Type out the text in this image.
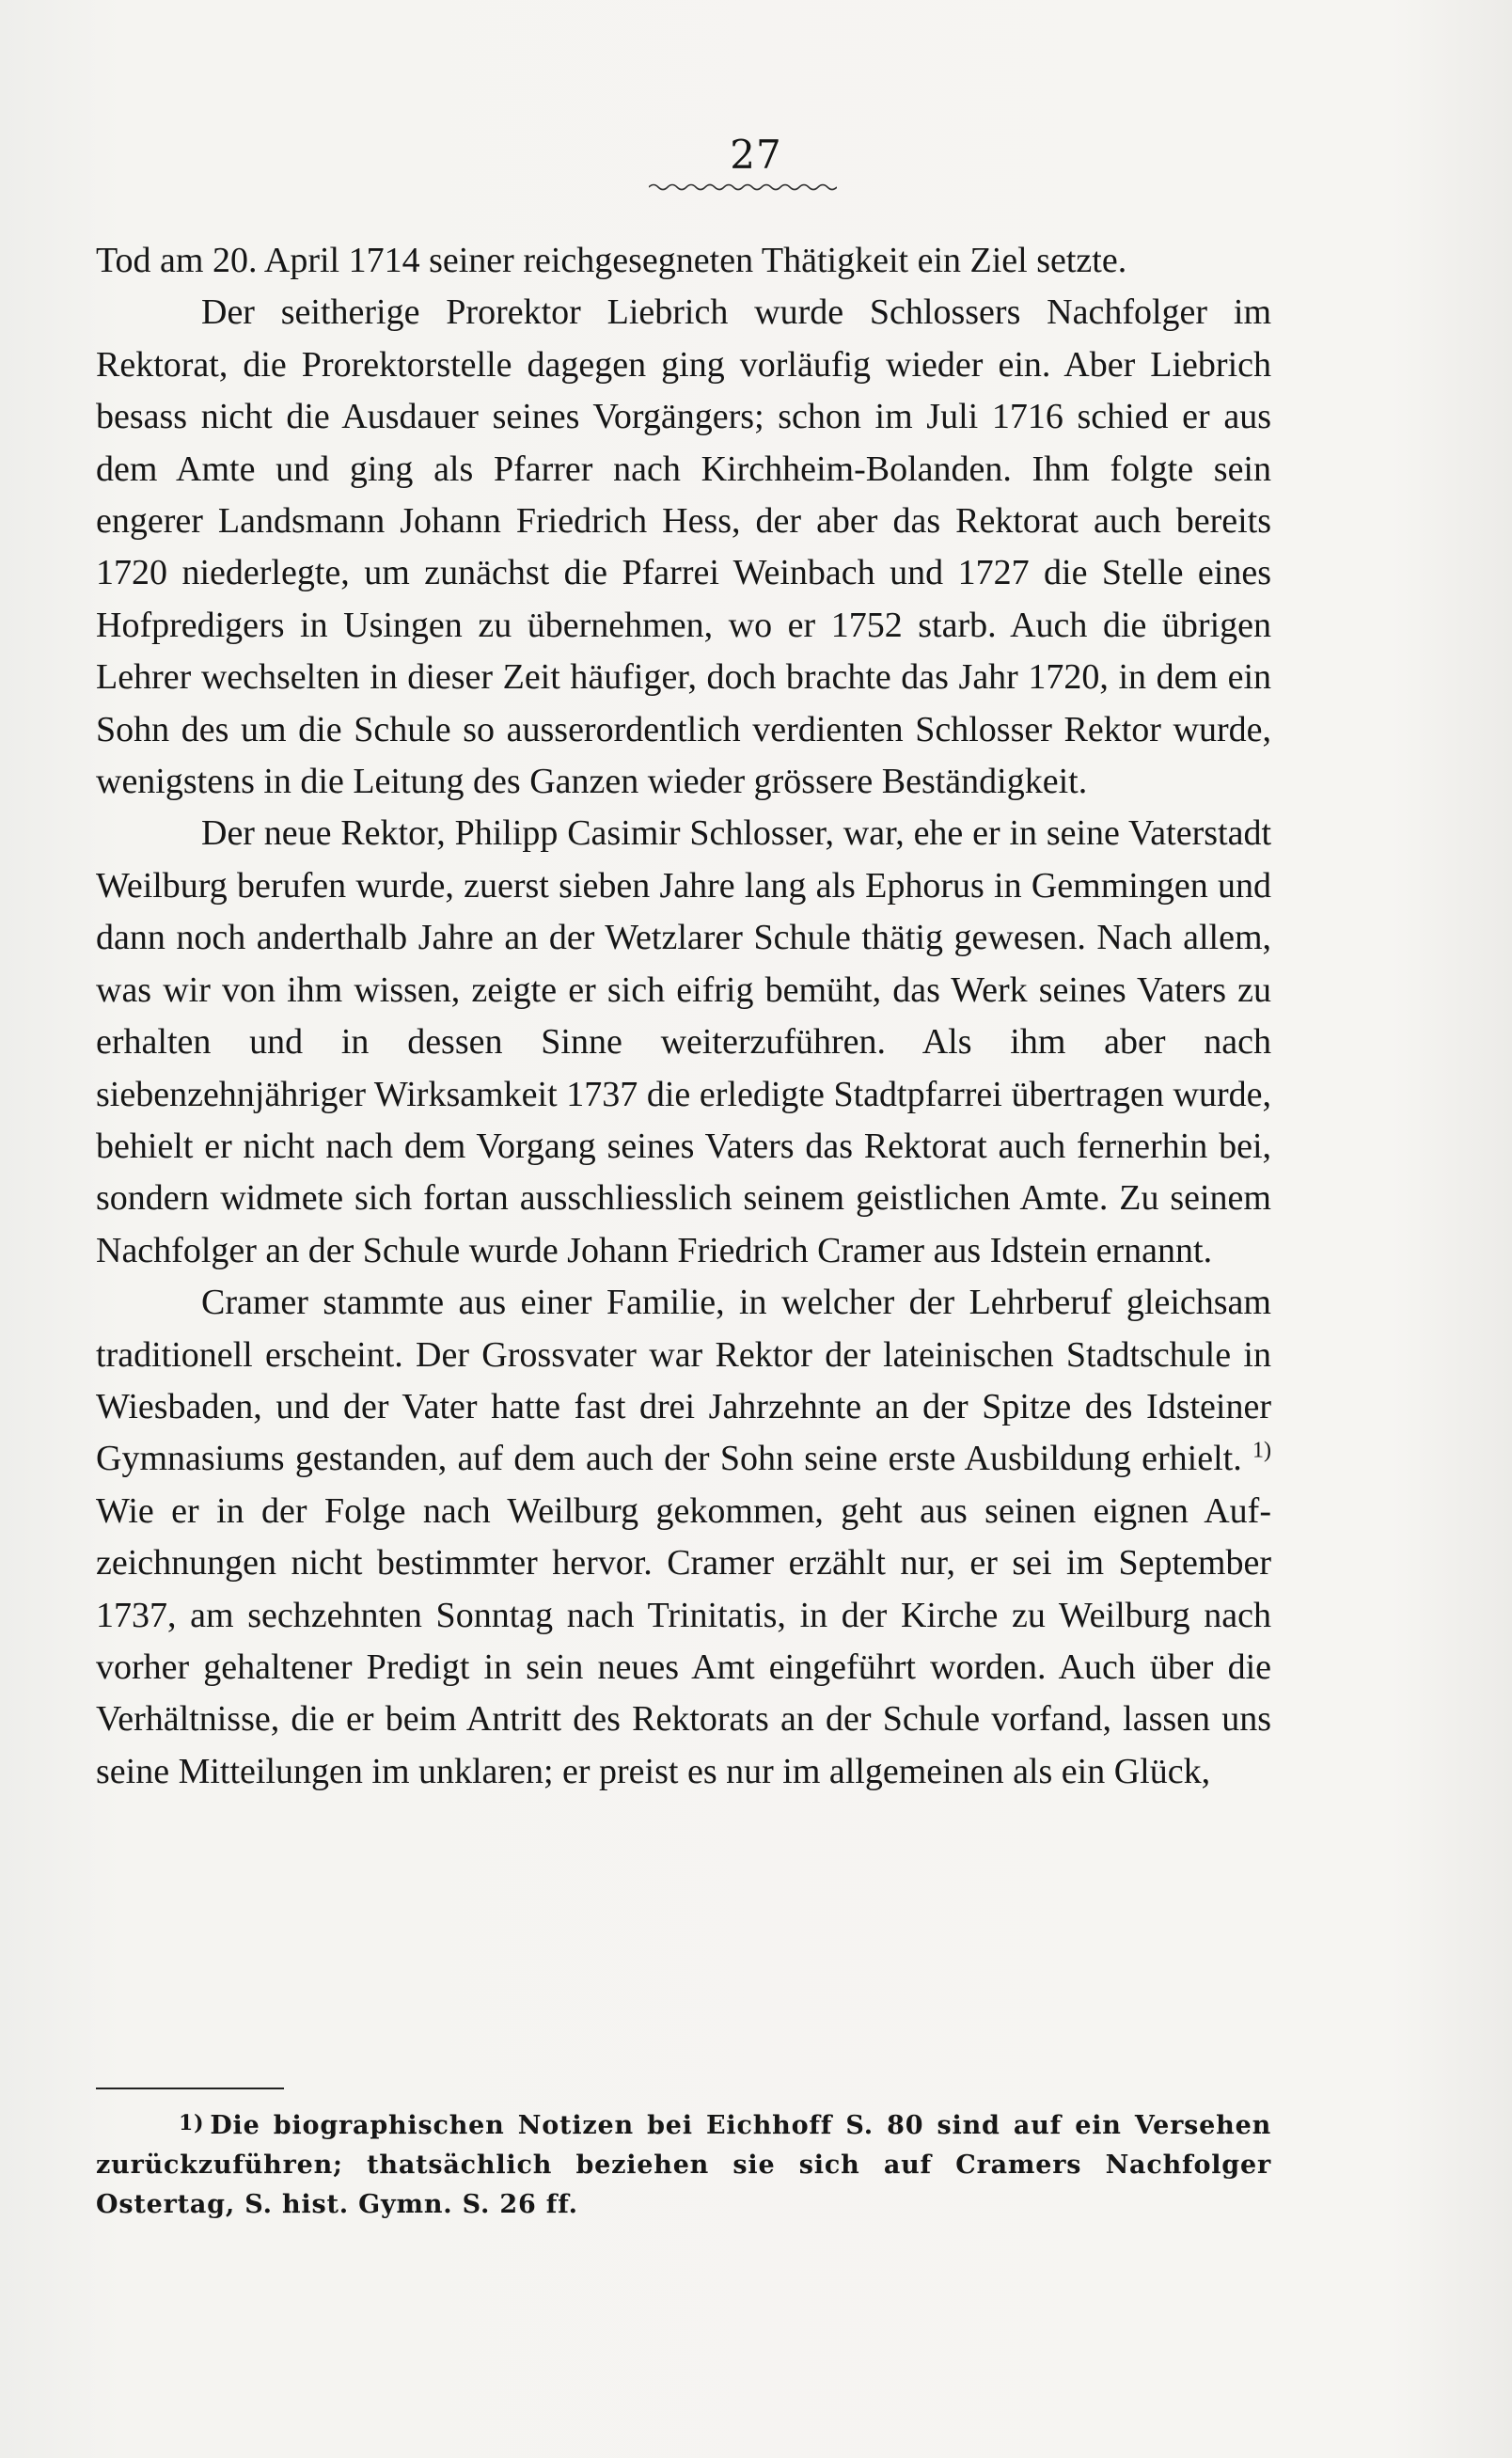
27

Tod am 20. April 1714 seiner reichgesegneten Thätigkeit ein Ziel setzte.

Der seitherige Prorektor Liebrich wurde Schlossers Nachfolger im Rektorat, die Prorektorstelle dagegen ging vorläufig wieder ein. Aber Liebrich besass nicht die Ausdauer seines Vorgängers; schon im Juli 1716 schied er aus dem Amte und ging als Pfarrer nach Kirchheim-Bolanden. Ihm folgte sein engerer Landsmann Johann Friedrich Hess, der aber das Rektorat auch bereits 1720 niederlegte, um zunächst die Pfarrei Weinbach und 1727 die Stelle eines Hofpredigers in Usingen zu übernehmen, wo er 1752 starb. Auch die übrigen Lehrer wechselten in dieser Zeit häufiger, doch brachte das Jahr 1720, in dem ein Sohn des um die Schule so ausserordentlich verdienten Schlosser Rektor wurde, wenigstens in die Leitung des Ganzen wieder grössere Beständigkeit.

Der neue Rektor, Philipp Casimir Schlosser, war, ehe er in seine Vaterstadt Weilburg berufen wurde, zuerst sieben Jahre lang als Ephorus in Gemmingen und dann noch anderthalb Jahre an der Wetzlarer Schule thätig gewesen. Nach allem, was wir von ihm wissen, zeigte er sich eifrig bemüht, das Werk seines Vaters zu erhalten und in dessen Sinne weiterzuführen. Als ihm aber nach siebenzehnjähriger Wirksamkeit 1737 die erledigte Stadtpfarrei übertragen wurde, behielt er nicht nach dem Vorgang seines Vaters das Rektorat auch fernerhin bei, sondern widmete sich fortan ausschliesslich seinem geistlichen Amte. Zu seinem Nachfolger an der Schule wurde Johann Friedrich Cramer aus Idstein ernannt.

Cramer stammte aus einer Familie, in welcher der Lehrberuf gleichsam traditionell erscheint. Der Grossvater war Rektor der lateinischen Stadtschule in Wiesbaden, und der Vater hatte fast drei Jahrzehnte an der Spitze des Idsteiner Gymnasiums gestanden, auf dem auch der Sohn seine erste Ausbildung erhielt. $^{1)}$ Wie er in der Folge nach Weilburg gekommen, geht aus seinen eignen Aufzeichnungen nicht bestimmter hervor. Cramer erzählt nur, er sei im September 1737, am sechzehnten Sonntag nach Trinitatis, in der Kirche zu Weilburg nach vorher gehaltener Predigt in sein neues Amt eingeführt worden. Auch über die Verhältnisse, die er beim Antritt des Rektorats an der Schule vorfand, lassen uns seine Mitteilungen im unklaren; er preist es nur im allgemeinen als ein Glück,

1) Die biographischen Notizen bei Eichhoff S. 80 sind auf ein Versehen zurückzuführen; thatsächlich beziehen sie sich auf Cramers Nachfolger Ostertag, S. hist. Gymn. S. 26 ff.
